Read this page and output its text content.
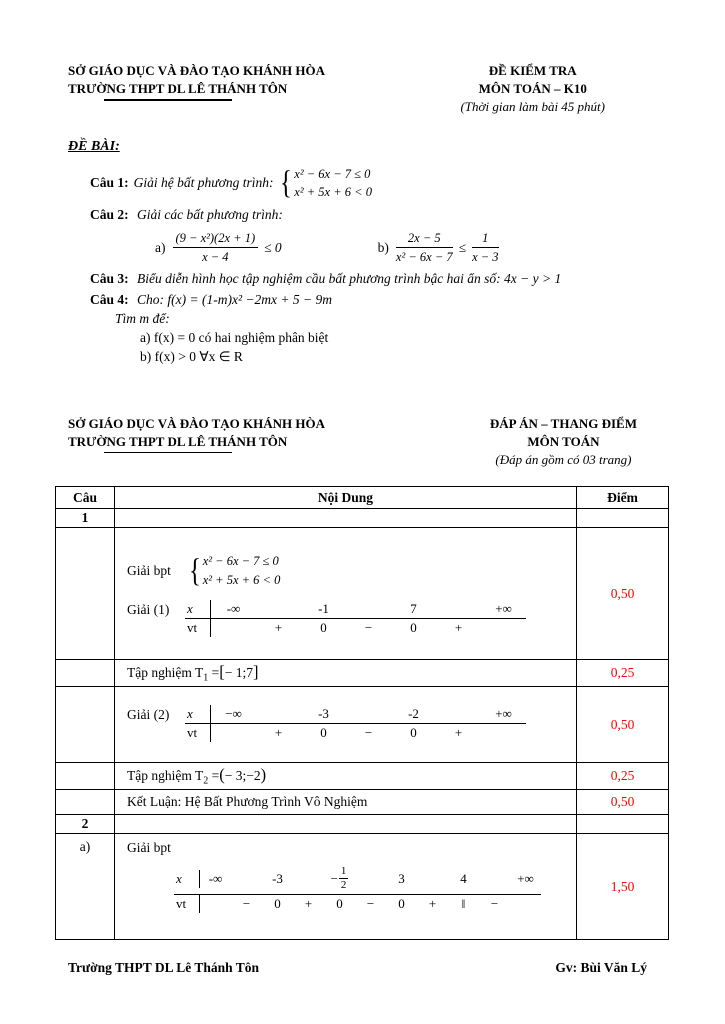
SỞ GIÁO DỤC VÀ ĐÀO TẠO KHÁNH HÒA
TRƯỜNG THPT DL LÊ THÁNH TÔN
ĐỀ KIỂM TRA
MÔN TOÁN – K10
(Thời gian làm bài 45 phút)
ĐỀ BÀI:
Câu 1: Giải hệ bất phương trình: { x² − 6x − 7 ≤ 0
x² + 5x + 6 < 0
Câu 2: Giải các bất phương trình:
$a) \frac{\text{(9 − x²)(2x + 1)}}{x - 4} \le 0$	$b) \frac{2x - 5}{\text{x² − 6x − 7}} \le \frac{1}{x - 3}$
Câu 3: Biểu diễn hình học tập nghiệm cầu bất phương trình bậc hai ẩn số: 4x − y > 1
Câu 4: Cho: f(x) = (1-m)x² −2mx + 5 − 9m
Tìm m để:
a) f(x) = 0 có hai nghiệm phân biệt
b) f(x) > 0 ∀x ∈ R
SỞ GIÁO DỤC VÀ ĐÀO TẠO KHÁNH HÒA
TRƯỜNG THPT DL LÊ THÁNH TÔN
ĐÁP ÁN – THANG ĐIỂM
MÔN TOÁN
(Đáp án gồm có 03 trang)
Câu	Nội Dung	Điểm
1		

Giải bpt { x² − 6x − 7 ≤ 0
x² + 5x + 6 < 0
Giải (1)	x	-∞	-1	7	+∞
vt	+	0	−	0	+
	0,50

	Tập nghiệm $T_1$ =[− 1;7]	0,25

Giải (2)	x	−∞	-3	-2	+∞
vt	+	0	−	0	+
	0,50

	Tập nghiệm $T_2$ =(− 3;−2)	0,25

	Kết Luận: Hệ Bất Phương Trình Vô Nghiệm	0,50
2		
a)	Giải bpt
x	-∞	-3	− $\frac{1}{2}$	3	4	+∞
vt	−	0	+	0	−	0	+	‖	−
	1,50
Trường THPT DL Lê Thánh Tôn	Gv: Bùi Văn Lý
